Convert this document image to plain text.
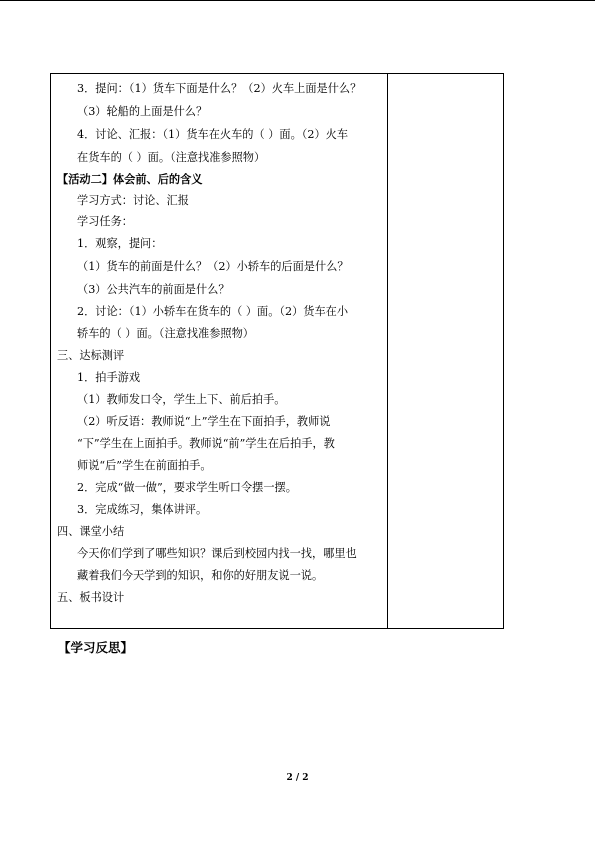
3．提问：（1）货车下面是什么？（2）火车上面是什么？
（3）轮船的上面是什么？
4．讨论、汇报：（1）货车在火车的（ ）面。（2）火车
在货车的（ ）面。（注意找准参照物）
【活动二】体会前、后的含义
学习方式：讨论、汇报
学习任务：
1．观察，提问：
（1）货车的前面是什么？（2）小轿车的后面是什么？
（3）公共汽车的前面是什么？
2．讨论：（1）小轿车在货车的（ ）面。（2）货车在小
轿车的（ ）面。（注意找准参照物）
三、达标测评
1．拍手游戏
（1）教师发口令，学生上下、前后拍手。
（2）听反语：教师说“上”学生在下面拍手，教师说
“下”学生在上面拍手。教师说“前”学生在后拍手，教
师说“后”学生在前面拍手。
2．完成“做一做”，要求学生听口令摆一摆。
3．完成练习，集体讲评。
四、课堂小结
今天你们学到了哪些知识？课后到校园内找一找，哪里也
藏着我们今天学到的知识，和你的好朋友说一说。
五、板书设计
【学习反思】
2 / 2
